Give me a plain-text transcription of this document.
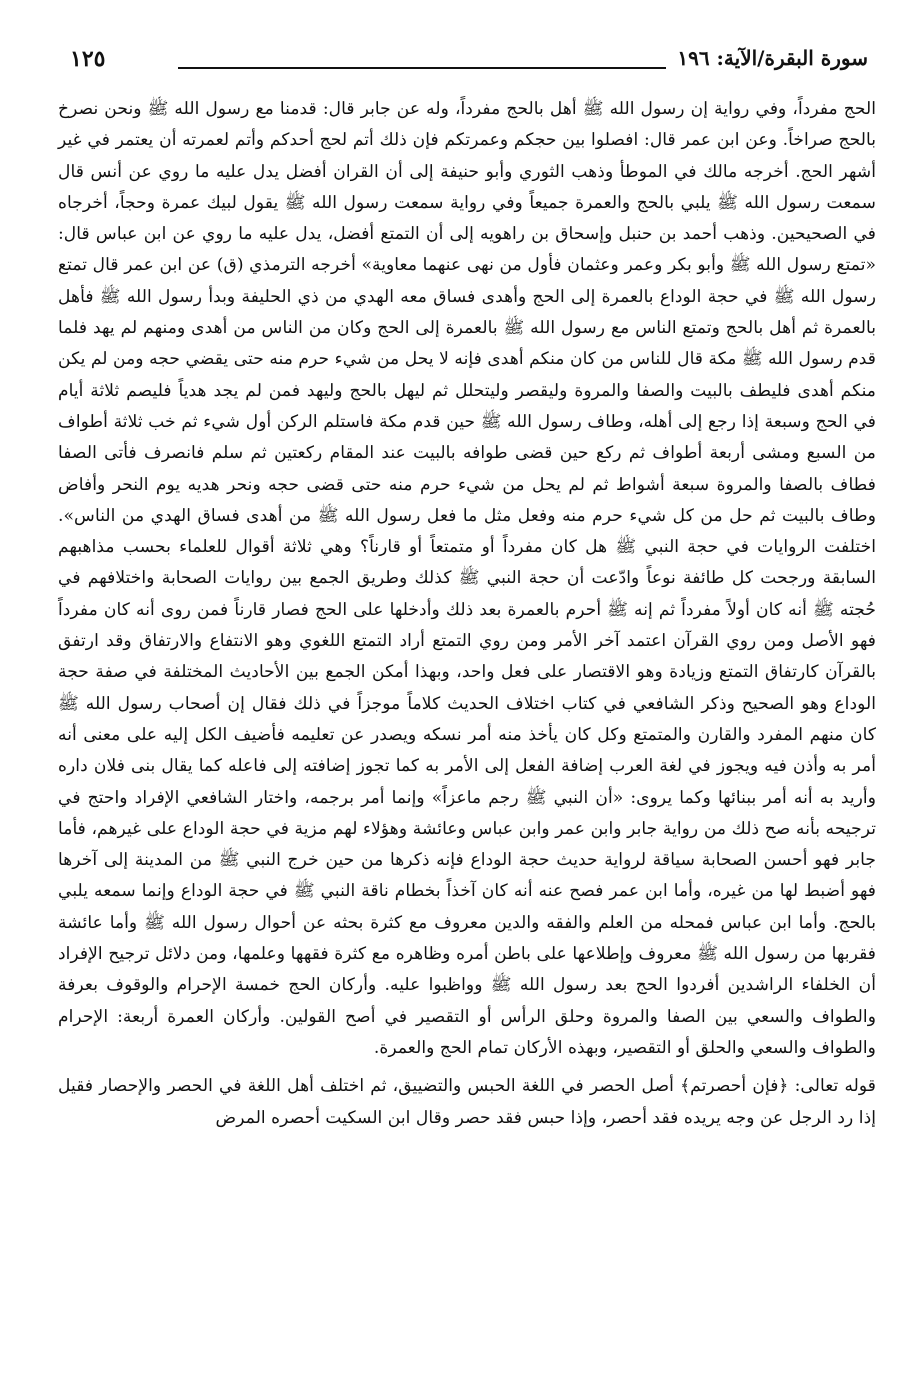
سورة البقرة/الآية: ١٩٦
١٢٥

الحج مفرداً، وفي رواية إن رسول الله ﷺ أهل بالحج مفرداً، وله عن جابر قال: قدمنا مع رسول الله ﷺ ونحن نصرخ بالحج صراخاً. وعن ابن عمر قال: افصلوا بين حجكم وعمرتكم فإن ذلك أتم لحج أحدكم وأتم لعمرته أن يعتمر في غير أشهر الحج. أخرجه مالك في الموطأ وذهب الثوري وأبو حنيفة إلى أن القران أفضل يدل عليه ما روي عن أنس قال سمعت رسول الله ﷺ يلبي بالحج والعمرة جميعاً وفي رواية سمعت رسول الله ﷺ يقول لبيك عمرة وحجاً، أخرجاه في الصحيحين. وذهب أحمد بن حنبل وإسحاق بن راهويه إلى أن التمتع أفضل، يدل عليه ما روي عن ابن عباس قال: «تمتع رسول الله ﷺ وأبو بكر وعمر وعثمان فأول من نهى عنهما معاوية» أخرجه الترمذي (ق) عن ابن عمر قال تمتع رسول الله ﷺ في حجة الوداع بالعمرة إلى الحج وأهدى فساق معه الهدي من ذي الحليفة وبدأ رسول الله ﷺ فأهل بالعمرة ثم أهل بالحج وتمتع الناس مع رسول الله ﷺ بالعمرة إلى الحج وكان من الناس من أهدى ومنهم لم يهد فلما قدم رسول الله ﷺ مكة قال للناس من كان منكم أهدى فإنه لا يحل من شيء حرم منه حتى يقضي حجه ومن لم يكن منكم أهدى فليطف بالبيت والصفا والمروة وليقصر وليتحلل ثم ليهل بالحج وليهد فمن لم يجد هدياً فليصم ثلاثة أيام في الحج وسبعة إذا رجع إلى أهله، وطاف رسول الله ﷺ حين قدم مكة فاستلم الركن أول شيء ثم خب ثلاثة أطواف من السبع ومشى أربعة أطواف ثم ركع حين قضى طوافه بالبيت عند المقام ركعتين ثم سلم فانصرف فأتى الصفا فطاف بالصفا والمروة سبعة أشواط ثم لم يحل من شيء حرم منه حتى قضى حجه ونحر هديه يوم النحر وأفاض وطاف بالبيت ثم حل من كل شيء حرم منه وفعل مثل ما فعل رسول الله ﷺ من أهدى فساق الهدي من الناس». اختلفت الروايات في حجة النبي ﷺ هل كان مفرداً أو متمتعاً أو قارناً؟ وهي ثلاثة أقوال للعلماء بحسب مذاهبهم السابقة ورجحت كل طائفة نوعاً وادّعت أن حجة النبي ﷺ كذلك وطريق الجمع بين روايات الصحابة واختلافهم في حُجته ﷺ أنه كان أولاً مفرداً ثم إنه ﷺ أحرم بالعمرة بعد ذلك وأدخلها على الحج فصار قارناً فمن روى أنه كان مفرداً فهو الأصل ومن روي القرآن اعتمد آخر الأمر ومن روي التمتع أراد التمتع اللغوي وهو الانتفاع والارتفاق وقد ارتفق بالقرآن كارتفاق التمتع وزيادة وهو الاقتصار على فعل واحد، وبهذا أمكن الجمع بين الأحاديث المختلفة في صفة حجة الوداع وهو الصحيح وذكر الشافعي في كتاب اختلاف الحديث كلاماً موجزاً في ذلك فقال إن أصحاب رسول الله ﷺ كان منهم المفرد والقارن والمتمتع وكل كان يأخذ منه أمر نسكه ويصدر عن تعليمه فأضيف الكل إليه على معنى أنه أمر به وأذن فيه ويجوز في لغة العرب إضافة الفعل إلى الأمر به كما تجوز إضافته إلى فاعله كما يقال بنى فلان داره وأريد به أنه أمر ببنائها وكما يروى: «أن النبي ﷺ رجم ماعزاً» وإنما أمر برجمه، واختار الشافعي الإفراد واحتج في ترجيحه بأنه صح ذلك من رواية جابر وابن عمر وابن عباس وعائشة وهؤلاء لهم مزية في حجة الوداع على غيرهم، فأما جابر فهو أحسن الصحابة سياقة لرواية حديث حجة الوداع فإنه ذكرها من حين خرج النبي ﷺ من المدينة إلى آخرها فهو أضبط لها من غيره، وأما ابن عمر فصح عنه أنه كان آخذاً بخطام ناقة النبي ﷺ في حجة الوداع وإنما سمعه يلبي بالحج. وأما ابن عباس فمحله من العلم والفقه والدين معروف مع كثرة بحثه عن أحوال رسول الله ﷺ وأما عائشة فقربها من رسول الله ﷺ معروف وإطلاعها على باطن أمره وظاهره مع كثرة فقهها وعلمها، ومن دلائل ترجيح الإفراد أن الخلفاء الراشدين أفردوا الحج بعد رسول الله ﷺ وواظبوا عليه. وأركان الحج خمسة الإحرام والوقوف بعرفة والطواف والسعي بين الصفا والمروة وحلق الرأس أو التقصير في أصح القولين. وأركان العمرة أربعة: الإحرام والطواف والسعي والحلق أو التقصير، وبهذه الأركان تمام الحج والعمرة.

قوله تعالى: ﴿فإن أحصرتم﴾ أصل الحصر في اللغة الحبس والتضييق، ثم اختلف أهل اللغة في الحصر والإحصار فقيل إذا رد الرجل عن وجه يريده فقد أحصر، وإذا حبس فقد حصر وقال ابن السكيت أحصره المرض
